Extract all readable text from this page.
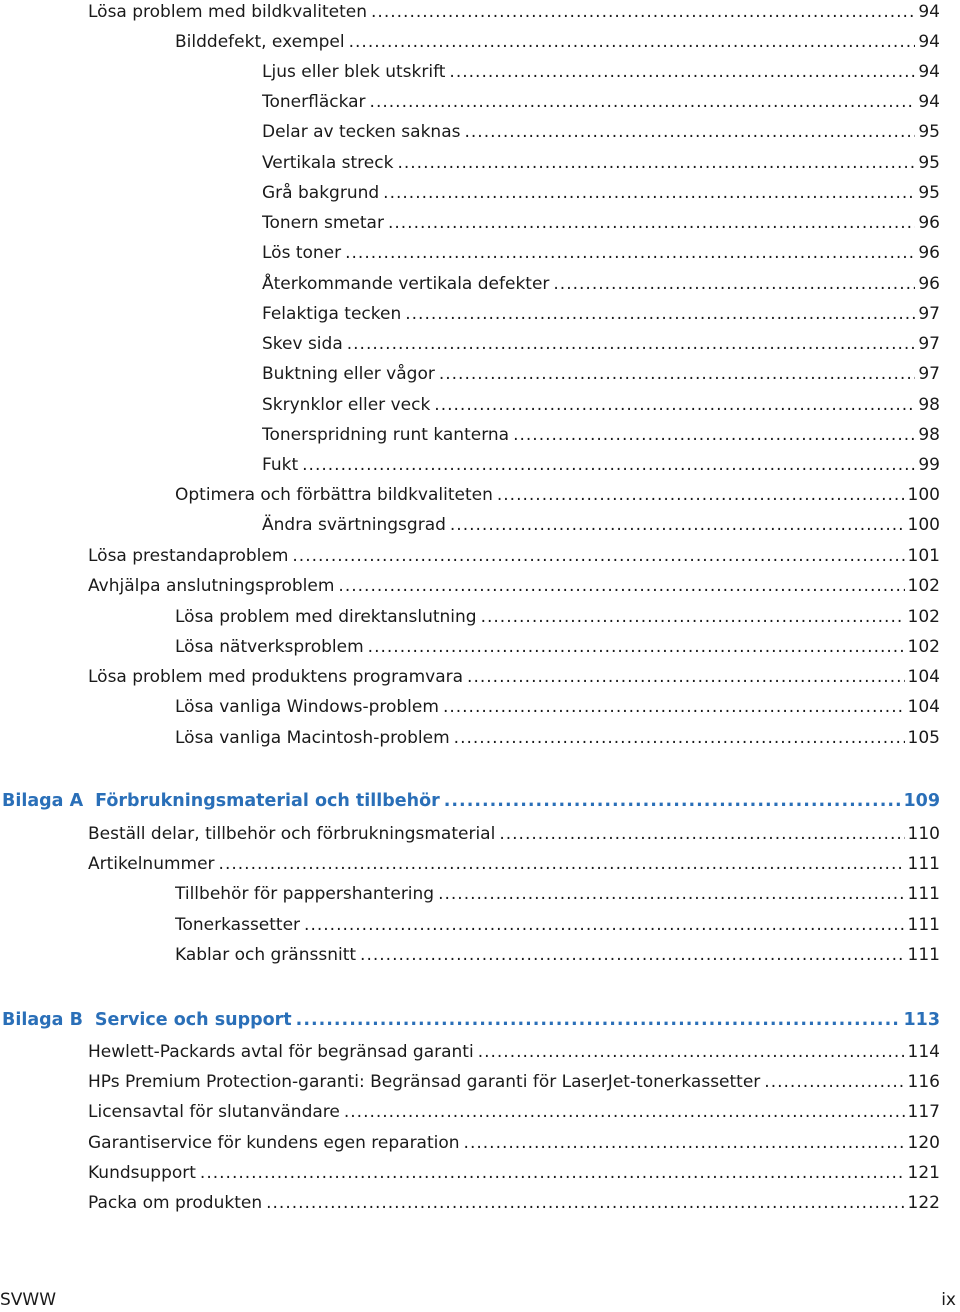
Lösa problem med bildkvaliteten .....	94
Bilddefekt, exempel .....	94
Ljus eller blek utskrift .....	94
Tonerfläckar .....	94
Delar av tecken saknas .....	95
Vertikala streck .....	95
Grå bakgrund .....	95
Tonern smetar .....	96
Lös toner .....	96
Återkommande vertikala defekter .....	96
Felaktiga tecken .....	97
Skev sida .....	97
Buktning eller vågor .....	97
Skrynklor eller veck .....	98
Tonerspridning runt kanterna .....	98
Fukt .....	99
Optimera och förbättra bildkvaliteten .....	100
Ändra svärtningsgrad .....	100
Lösa prestandaproblem .....	101
Avhjälpa anslutningsproblem .....	102
Lösa problem med direktanslutning .....	102
Lösa nätverksproblem .....	102
Lösa problem med produktens programvara .....	104
Lösa vanliga Windows-problem .....	104
Lösa vanliga Macintosh-problem .....	105
Bilaga A Förbrukningsmaterial och tillbehör .....	109
Beställ delar, tillbehör och förbrukningsmaterial .....	110
Artikelnummer .....	111
Tillbehör för pappershantering .....	111
Tonerkassetter .....	111
Kablar och gränssnitt .....	111
Bilaga B Service och support .....	113
Hewlett-Packards avtal för begränsad garanti .....	114
HPs Premium Protection-garanti: Begränsad garanti för LaserJet-tonerkassetter .....	116
Licensavtal för slutanvändare .....	117
Garantiservice för kundens egen reparation .....	120
Kundsupport .....	121
Packa om produkten .....	122
SVWW	ix
